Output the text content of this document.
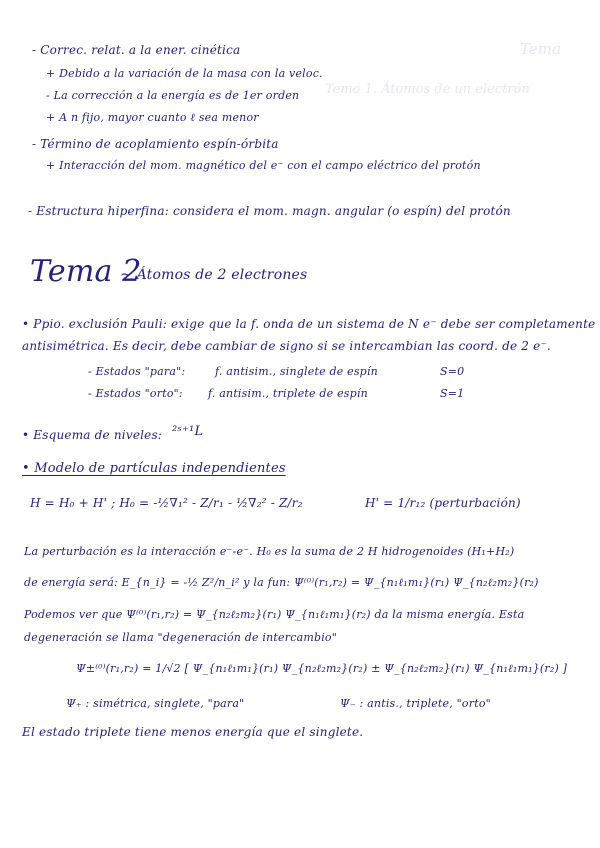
Tema
Tema 1. Átomos de un electrón
- Correc. relat. a la ener. cinética
+ Debido a la variación de la masa con la veloc.
- La corrección a la energía es de 1er orden
+ A n fijo, mayor cuanto ℓ sea menor
- Término de acoplamiento espín-órbita
+ Interacción del mom. magnético del e⁻ con el campo eléctrico del protón
- Estructura hiperfina: considera el mom. magn. angular (o espín) del protón
Tema 2
~ Átomos de 2 electrones
• Ppio. exclusión Pauli: exige que la f. onda de un sistema de N e⁻ debe ser completamente
antisimétrica. Es decir, debe cambiar de signo si se intercambian las coord. de 2 e⁻.
- Estados "para":	f. antisim., singlete de espín	S=0
- Estados "orto": f. antisim., triplete de espín	S=1
• Esquema de niveles: ²ˢ⁺¹L
• Modelo de partículas independientes
H = H₀ + H' ; H₀ = -½∇₁² - Z/r₁ - ½∇₂² - Z/r₂	H' = 1/r₁₂ (perturbación)
La perturbación es la interacción e⁻-e⁻. H₀ es la suma de 2 H hidrogenoides (H₁+H₂)
de energía será: E_{n_i} = -½ Z²/n_i² y la fun: Ψ⁽⁰⁾(r₁,r₂) = Ψ_{n₁ℓ₁m₁}(r₁) Ψ_{n₂ℓ₂m₂}(r₂)
Podemos ver que Ψ⁽⁰⁾(r₁,r₂) = Ψ_{n₂ℓ₂m₂}(r₁) Ψ_{n₁ℓ₁m₁}(r₂) da la misma energía. Esta
degeneración se llama "degeneración de intercambio"
Ψ±⁽⁰⁾(r₁,r₂) = 1/√2 [ Ψ_{n₁ℓ₁m₁}(r₁) Ψ_{n₂ℓ₂m₂}(r₂) ± Ψ_{n₂ℓ₂m₂}(r₁) Ψ_{n₁ℓ₁m₁}(r₂) ]
Ψ₊ : simétrica, singlete, "para"	Ψ₋ : antis., triplete, "orto"
El estado triplete tiene menos energía que el singlete.
